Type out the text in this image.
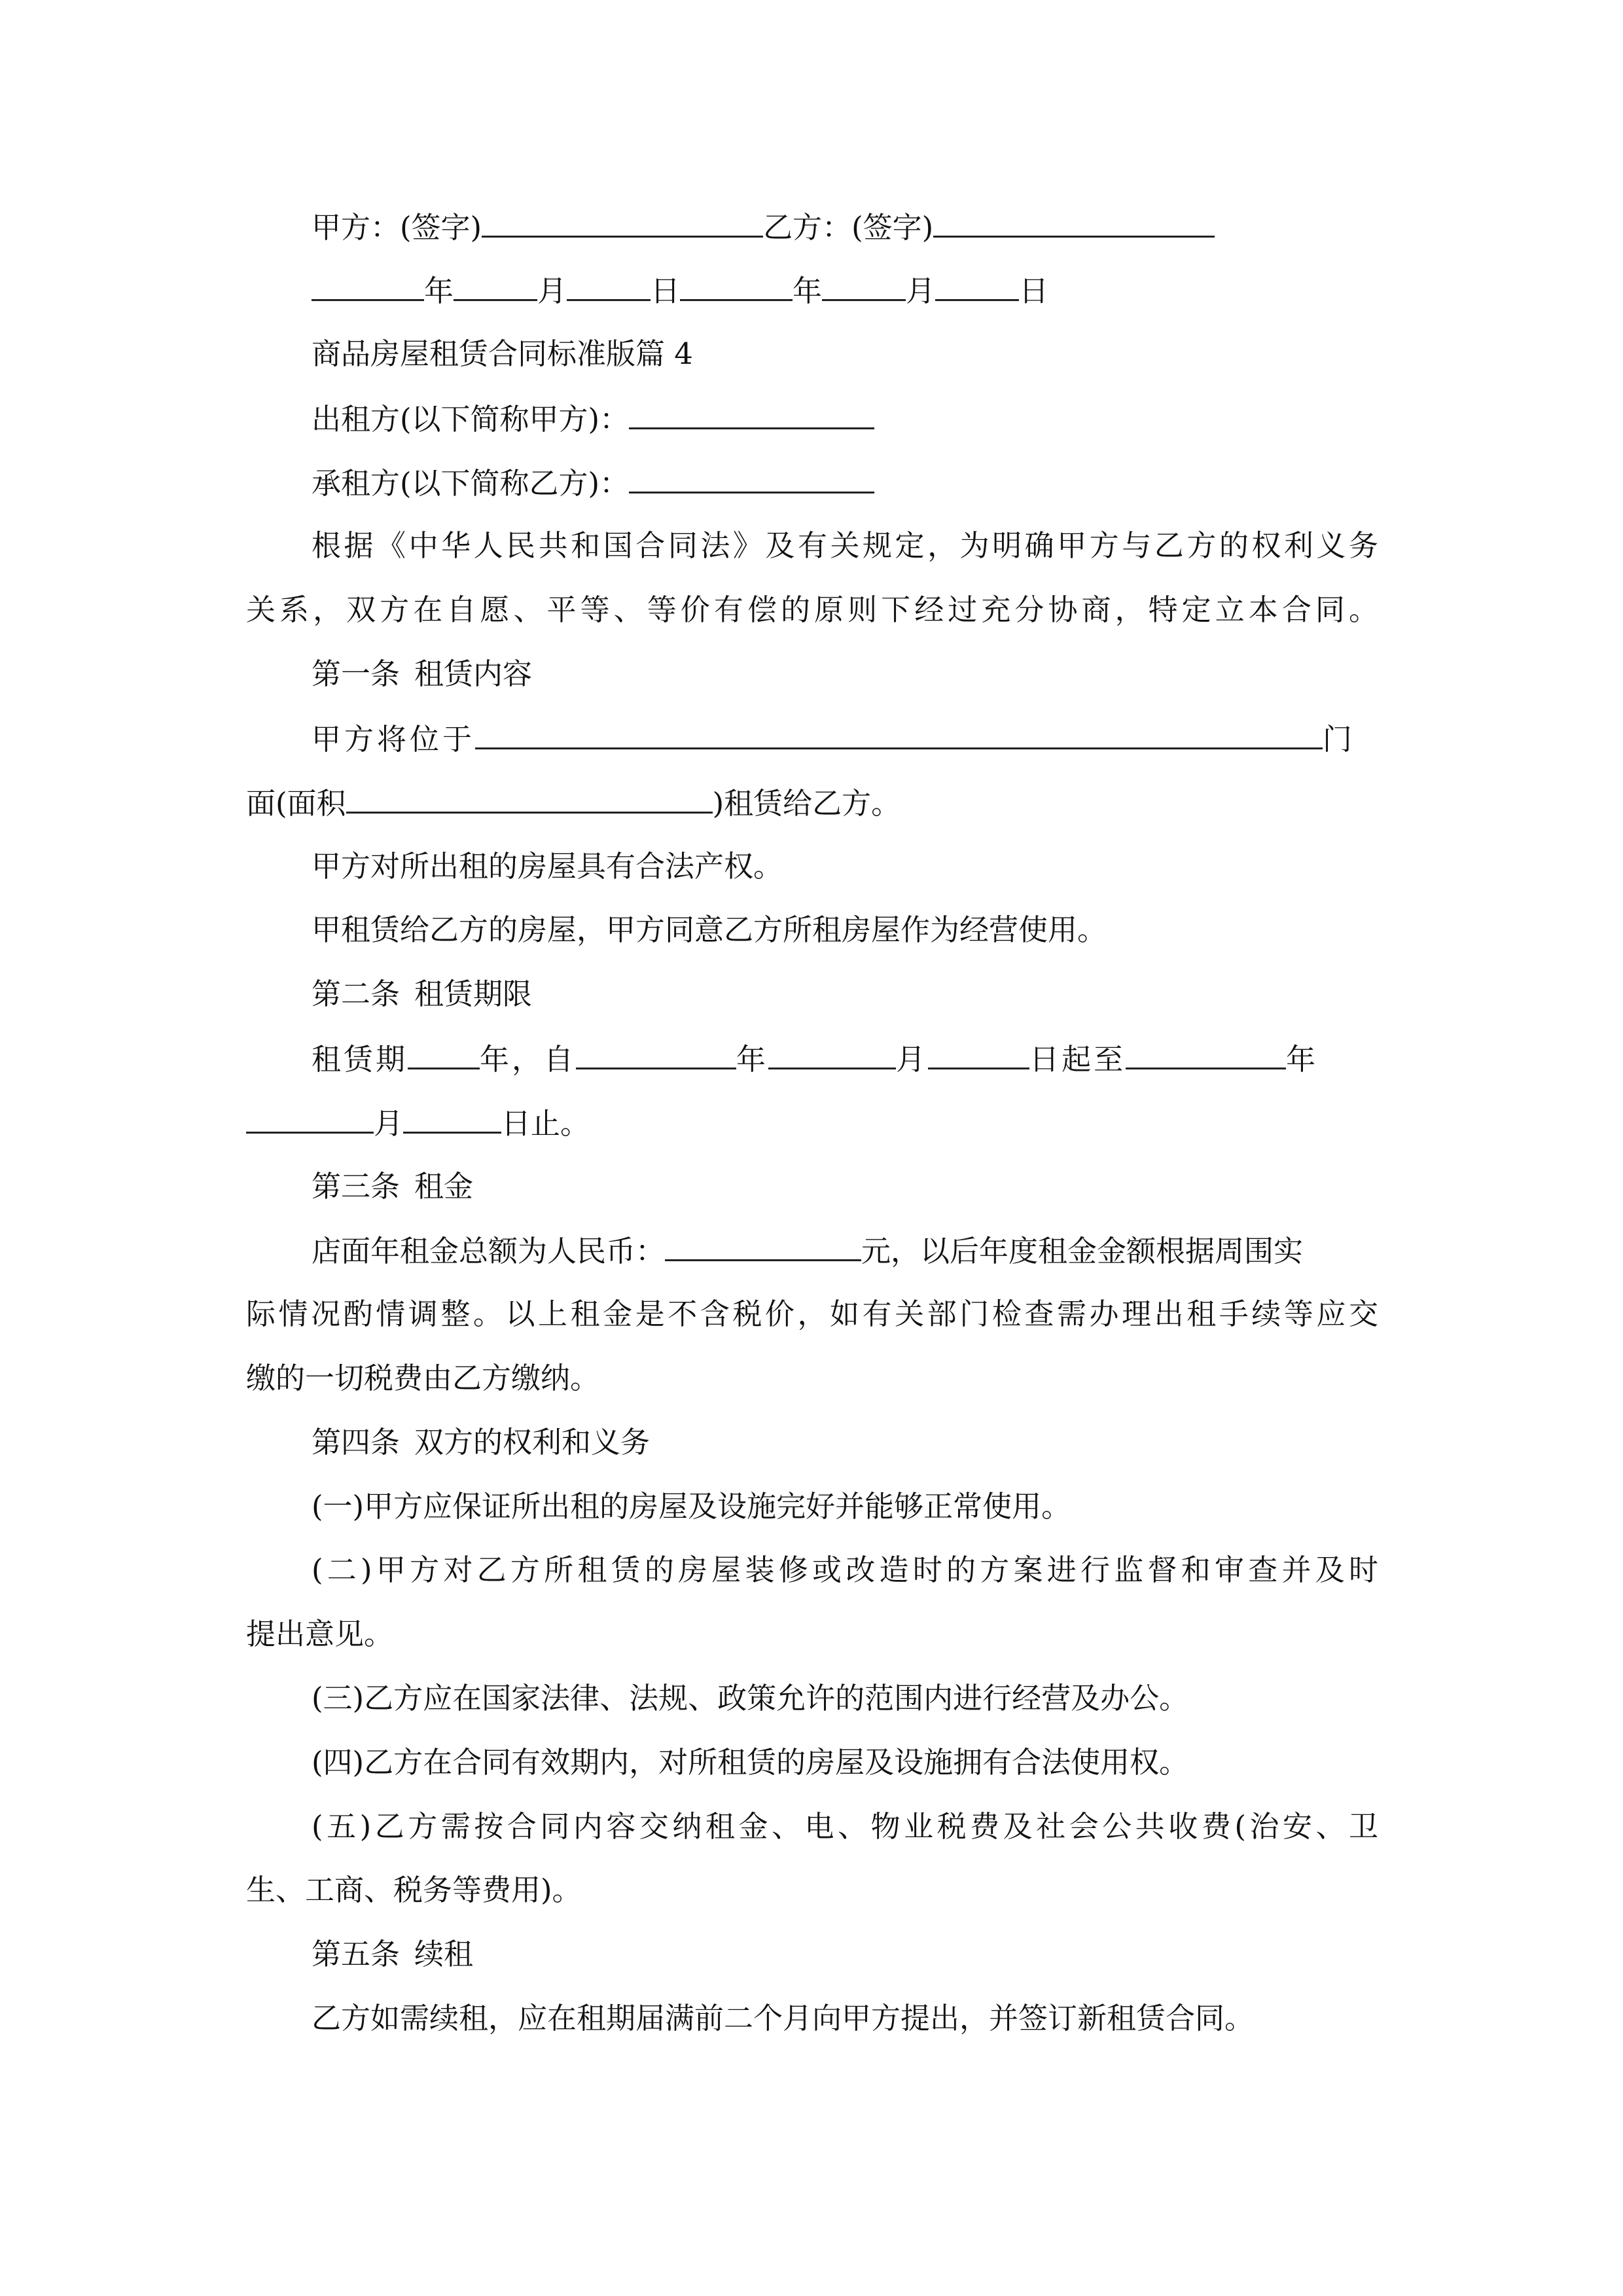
甲方：(签字)	乙方：(签字)
年	月	日	年	月	日
商品房屋租赁合同标准版篇 4
出租方(以下简称甲方)：
承租方(以下简称乙方)：
根据《中华人民共和国合同法》及有关规定，为明确甲方与乙方的权利义务
关系，双方在自愿、平等、等价有偿的原则下经过充分协商，特定立本合同。
第一条 租赁内容
甲方将位于	门
面(面积	)租赁给乙方。
甲方对所出租的房屋具有合法产权。
甲租赁给乙方的房屋，甲方同意乙方所租房屋作为经营使用。
第二条 租赁期限
租赁期 年，自	年	月	日起至	年
月	日止。
第三条 租金
店面年租金总额为人民币：	元，以后年度租金金额根据周围实
际情况酌情调整。以上租金是不含税价，如有关部门检查需办理出租手续等应交
缴的一切税费由乙方缴纳。
第四条 双方的权利和义务
(一)甲方应保证所出租的房屋及设施完好并能够正常使用。
(二)甲方对乙方所租赁的房屋装修或改造时的方案进行监督和审查并及时
提出意见。
(三)乙方应在国家法律、法规、政策允许的范围内进行经营及办公。
(四)乙方在合同有效期内，对所租赁的房屋及设施拥有合法使用权。
(五)乙方需按合同内容交纳租金、电、物业税费及社会公共收费(治安、卫
生、工商、税务等费用)。
第五条 续租
乙方如需续租，应在租期届满前二个月向甲方提出，并签订新租赁合同。
